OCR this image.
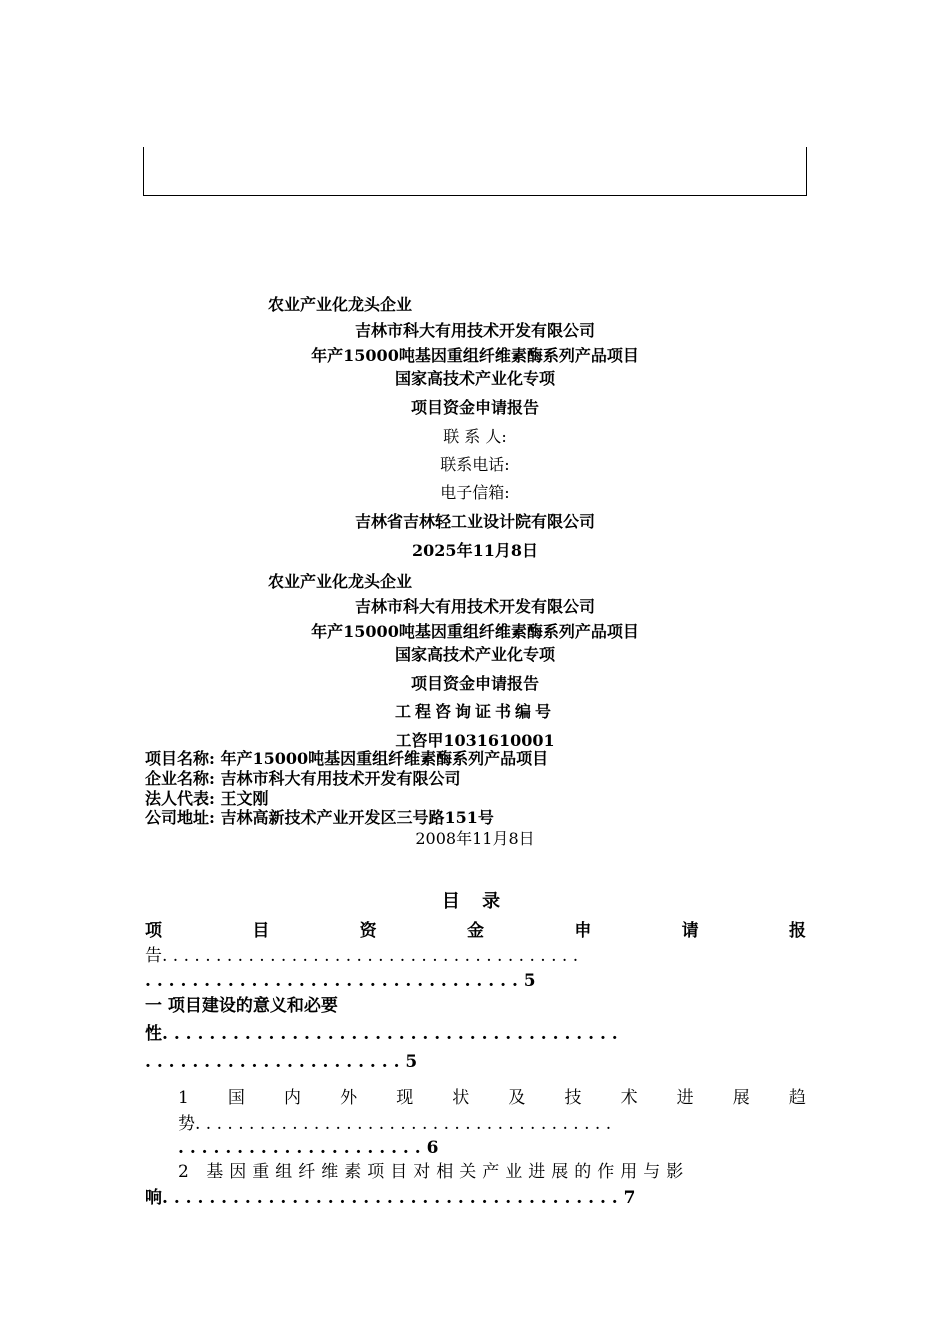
农业产业化龙头企业
吉林市科大有用技术开发有限公司
年产15000吨基因重组纤维素酶系列产品项目
国家高技术产业化专项
项目资金申请报告
联 系 人:
联系电话:
电子信箱:
吉林省吉林轻工业设计院有限公司
2025年11月8日
农业产业化龙头企业
吉林市科大有用技术开发有限公司
年产15000吨基因重组纤维素酶系列产品项目
国家高技术产业化专项
项目资金申请报告
工程咨询证书编号
工咨甲1031610001
项目名称: 年产15000吨基因重组纤维素酶系列产品项目
企业名称: 吉林市科大有用技术开发有限公司
法人代表: 王文刚
公司地址: 吉林高新技术产业开发区三号路151号
2008年11月8日
目 录
项	目	资	金	申	请	报
告. . . . . . . . . . . . . . . . . . . . . . . . . . . . . . . . . . . . . . .
. . . . . . . . . . . . . . . . . . . . . . . . . . . . . . . . 5
一 项目建设的意义和必要
性. . . . . . . . . . . . . . . . . . . . . . . . . . . . . . . . . . . . . . .
. . . . . . . . . . . . . . . . . . . . . . 5
1 国 内 外 现 状 及 技 术 进 展 趋
势. . . . . . . . . . . . . . . . . . . . . . . . . . . . . . . . . . . . . . .
. . . . . . . . . . . . . . . . . . . . . 6
2 基因重组纤维素项目对相关产业进展的作用与影
响. . . . . . . . . . . . . . . . . . . . . . . . . . . . . . . . . . . . . . . 7
